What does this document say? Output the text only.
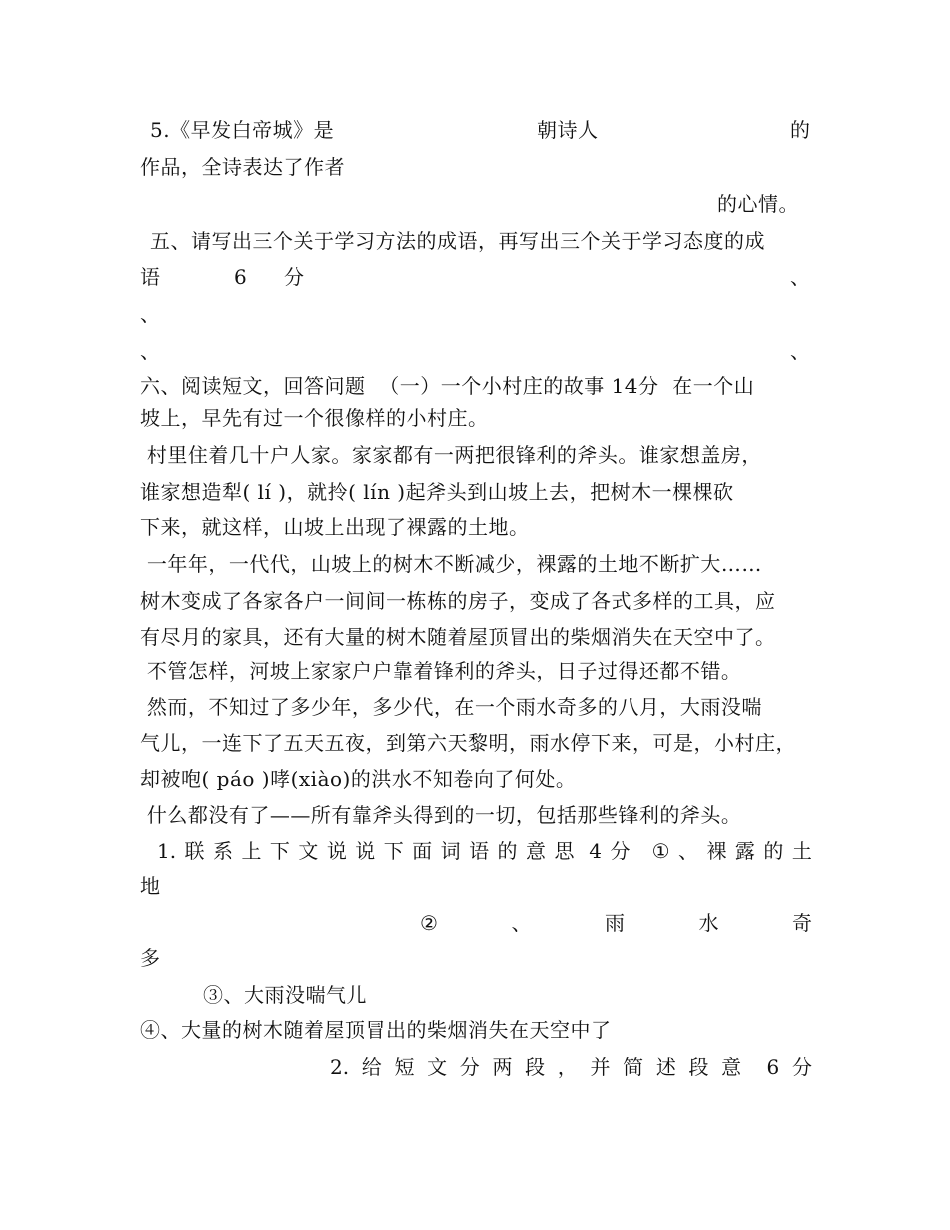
5.《早发白帝城》是	朝诗人	的
作品，全诗表达了作者
的心情。
五、请写出三个关于学习方法的成语，再写出三个关于学习态度的成
语	6 分	、
、
、	、
六、阅读短文，回答问题  （一）一个小村庄的故事 14分  在一个山
坡上，早先有过一个很像样的小村庄。
村里住着几十户人家。家家都有一两把很锋利的斧头。谁家想盖房，
谁家想造犁( lí )，就拎( lín )起斧头到山坡上去，把树木一棵棵砍
下来，就这样，山坡上出现了裸露的土地。
一年年，一代代，山坡上的树木不断减少，裸露的土地不断扩大……
树木变成了各家各户一间间一栋栋的房子，变成了各式多样的工具，应
有尽月的家具，还有大量的树木随着屋顶冒出的柴烟消失在天空中了。
不管怎样，河坡上家家户户靠着锋利的斧头，日子过得还都不错。
然而，不知过了多少年，多少代，在一个雨水奇多的八月，大雨没喘
气儿，一连下了五天五夜，到第六天黎明，雨水停下来，可是，小村庄，
却被咆( páo )哮(xiào)的洪水不知卷向了何处。
什么都没有了——所有靠斧头得到的一切，包括那些锋利的斧头。
1. 联 系 上 下 文 说 说 下 面 词 语 的 意 思 4 分 ① 、 裸 露 的 土
地
②	、	雨	水	奇
多
③、大雨没喘气儿
④、大量的树木随着屋顶冒出的柴烟消失在天空中了
2. 给 短 文 分 两 段 ， 并 简 述 段 意 6 分
